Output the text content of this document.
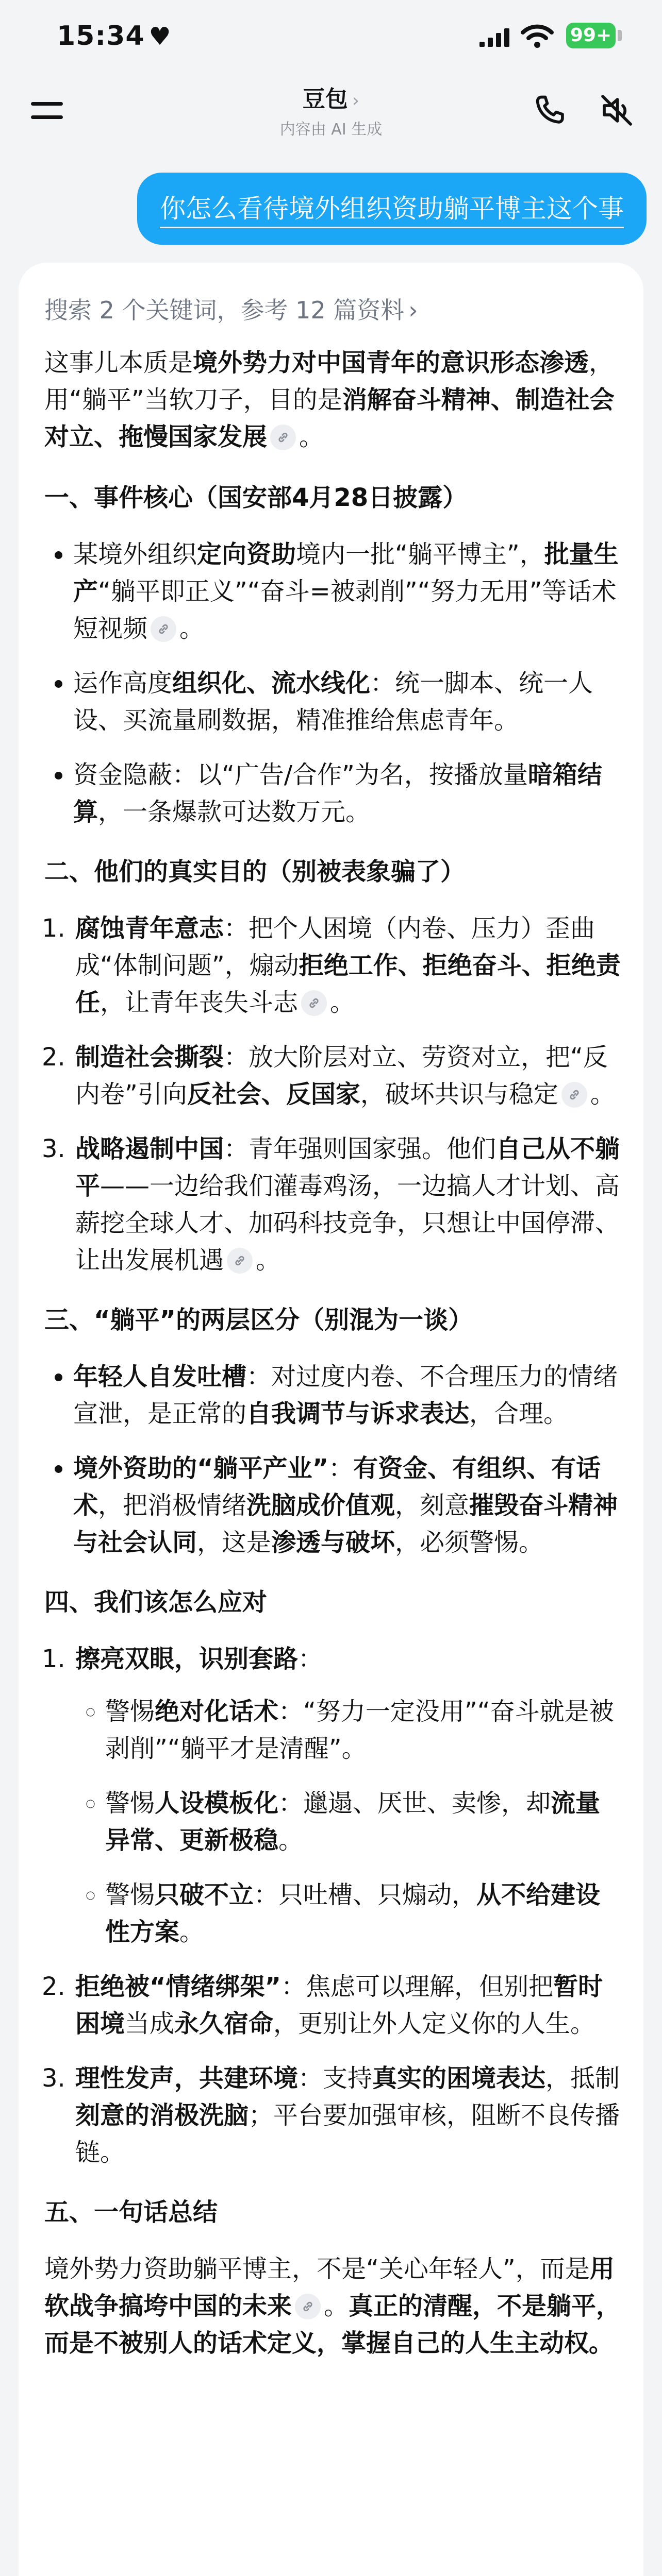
15:34 ♥	99+
豆包 ›
内容由 AI 生成
你怎么看待境外组织资助躺平博主这个事
搜索 2 个关键词，参考 12 篇资料 ›

这事儿本质是境外势力对中国青年的意识形态渗透，用“躺平”当软刀子，目的是消解奋斗精神、制造社会对立、拖慢国家发展 。

一、事件核心（国安部4月28日披露）
• 某境外组织定向资助境内一批“躺平博主”，批量生产“躺平即正义”“奋斗=被剥削”“努力无用”等话术短视频 。
• 运作高度组织化、流水线化：统一脚本、统一人设、买流量刷数据，精准推给焦虑青年。
• 资金隐蔽：以“广告/合作”为名，按播放量暗箱结算，一条爆款可达数万元。
二、他们的真实目的（别被表象骗了）
1. 腐蚀青年意志：把个人困境（内卷、压力）歪曲成“体制问题”，煽动拒绝工作、拒绝奋斗、拒绝责任，让青年丧失斗志 。
2. 制造社会撕裂：放大阶层对立、劳资对立，把“反内卷”引向反社会、反国家，破坏共识与稳定 。
3. 战略遏制中国：青年强则国家强。他们自己从不躺平——一边给我们灌毒鸡汤，一边搞人才计划、高薪挖全球人才、加码科技竞争，只想让中国停滞、让出发展机遇 。
三、“躺平”的两层区分（别混为一谈）
• 年轻人自发吐槽：对过度内卷、不合理压力的情绪宣泄，是正常的自我调节与诉求表达，合理。
• 境外资助的“躺平产业”：有资金、有组织、有话术，把消极情绪洗脑成价值观，刻意摧毁奋斗精神与社会认同，这是渗透与破坏，必须警惕。
四、我们该怎么应对
1. 擦亮双眼，识别套路：
◦ 警惕绝对化话术：“努力一定没用”“奋斗就是被剥削”“躺平才是清醒”。
◦ 警惕人设模板化：邋遢、厌世、卖惨，却流量异常、更新极稳。
◦ 警惕只破不立：只吐槽、只煽动，从不给建设性方案。
2. 拒绝被“情绪绑架”：焦虑可以理解，但别把暂时困境当成永久宿命，更别让外人定义你的人生。
3. 理性发声，共建环境：支持真实的困境表达，抵制刻意的消极洗脑；平台要加强审核，阻断不良传播链。
五、一句话总结

境外势力资助躺平博主，不是“关心年轻人”，而是用软战争搞垮中国的未来 。真正的清醒，不是躺平，而是不被别人的话术定义，掌握自己的人生主动权。
